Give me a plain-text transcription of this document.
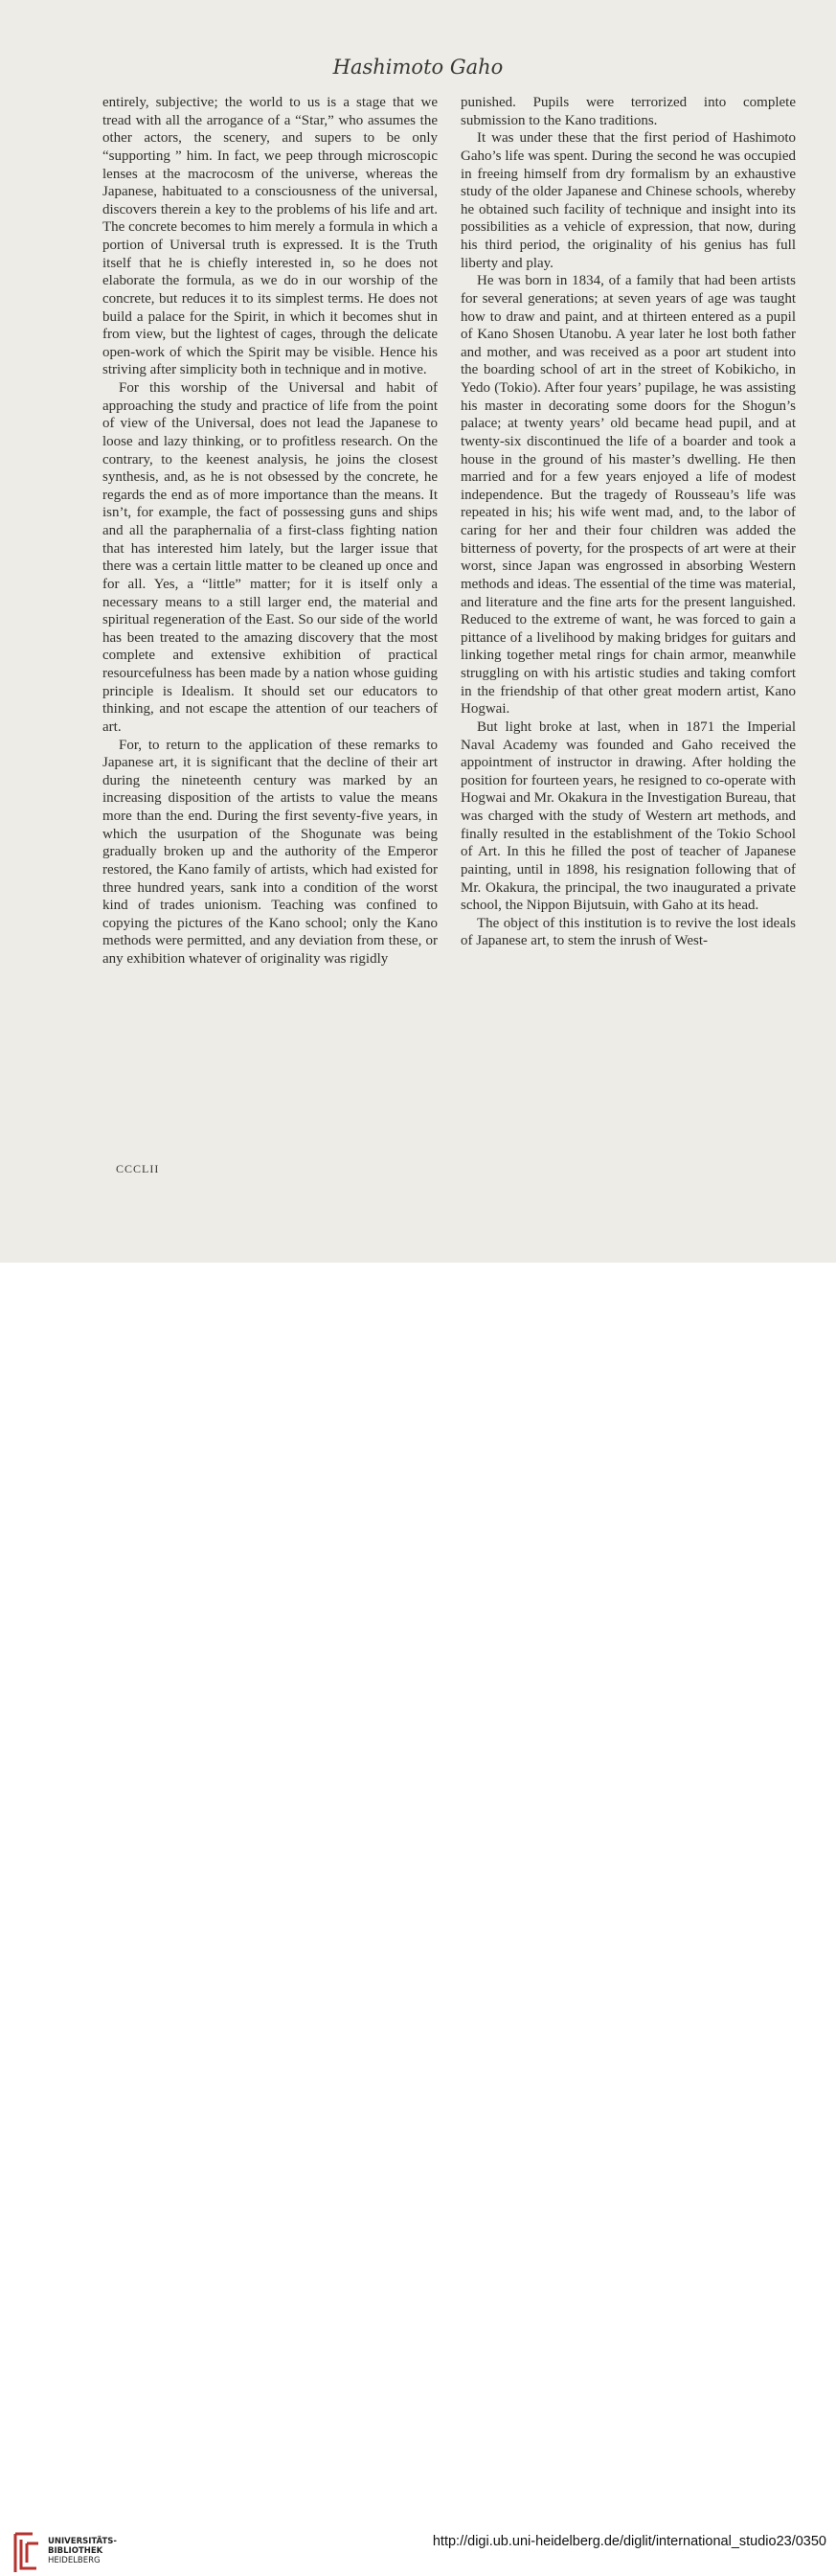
Hashimoto Gaho

entirely, subjective; the world to us is a stage that we tread with all the arrogance of a “Star,” who assumes the other actors, the scenery, and supers to be only “supporting ” him. In fact, we peep through microscopic lenses at the macrocosm of the universe, whereas the Japanese, habituated to a consciousness of the universal, discovers therein a key to the problems of his life and art. The concrete becomes to him merely a formula in which a portion of Universal truth is expressed. It is the Truth itself that he is chiefly interested in, so he does not elaborate the formula, as we do in our worship of the concrete, but reduces it to its simplest terms. He does not build a palace for the Spirit, in which it becomes shut in from view, but the lightest of cages, through the delicate open-work of which the Spirit may be visible. Hence his striving after simplicity both in technique and in motive.

For this worship of the Universal and habit of approaching the study and practice of life from the point of view of the Universal, does not lead the Japanese to loose and lazy thinking, or to profitless research. On the contrary, to the keenest analysis, he joins the closest synthesis, and, as he is not obsessed by the concrete, he regards the end as of more importance than the means. It isn’t, for example, the fact of possessing guns and ships and all the paraphernalia of a first-class fighting nation that has interested him lately, but the larger issue that there was a certain little matter to be cleaned up once and for all. Yes, a “little” matter; for it is itself only a necessary means to a still larger end, the material and spiritual regeneration of the East. So our side of the world has been treated to the amazing discovery that the most complete and extensive exhibition of practical resourcefulness has been made by a nation whose guiding principle is Idealism. It should set our educators to thinking, and not escape the attention of our teachers of art.

For, to return to the application of these remarks to Japanese art, it is significant that the decline of their art during the nineteenth century was marked by an increasing disposition of the artists to value the means more than the end. During the first seventy-five years, in which the usurpation of the Shogunate was being gradually broken up and the authority of the Emperor restored, the Kano family of artists, which had existed for three hundred years, sank into a condition of the worst kind of trades unionism. Teaching was confined to copying the pictures of the Kano school; only the Kano methods were permitted, and any deviation from these, or any exhibition whatever of originality was rigidly

punished. Pupils were terrorized into complete submission to the Kano traditions.

It was under these that the first period of Hashimoto Gaho’s life was spent. During the second he was occupied in freeing himself from dry formalism by an exhaustive study of the older Japanese and Chinese schools, whereby he obtained such facility of technique and insight into its possibilities as a vehicle of expression, that now, during his third period, the originality of his genius has full liberty and play.

He was born in 1834, of a family that had been artists for several generations; at seven years of age was taught how to draw and paint, and at thirteen entered as a pupil of Kano Shosen Utanobu. A year later he lost both father and mother, and was received as a poor art student into the boarding school of art in the street of Kobikicho, in Yedo (Tokio). After four years’ pupilage, he was assisting his master in decorating some doors for the Shogun’s palace; at twenty years’ old became head pupil, and at twenty-six discontinued the life of a boarder and took a house in the ground of his master’s dwelling. He then married and for a few years enjoyed a life of modest independence. But the tragedy of Rousseau’s life was repeated in his; his wife went mad, and, to the labor of caring for her and their four children was added the bitterness of poverty, for the prospects of art were at their worst, since Japan was engrossed in absorbing Western methods and ideas. The essential of the time was material, and literature and the fine arts for the present languished. Reduced to the extreme of want, he was forced to gain a pittance of a livelihood by making bridges for guitars and linking together metal rings for chain armor, meanwhile struggling on with his artistic studies and taking comfort in the friendship of that other great modern artist, Kano Hogwai.

But light broke at last, when in 1871 the Imperial Naval Academy was founded and Gaho received the appointment of instructor in drawing. After holding the position for fourteen years, he resigned to co-operate with Hogwai and Mr. Okakura in the Investigation Bureau, that was charged with the study of Western art methods, and finally resulted in the establishment of the Tokio School of Art. In this he filled the post of teacher of Japanese painting, until in 1898, his resignation following that of Mr. Okakura, the principal, the two inaugurated a private school, the Nippon Bijutsuin, with Gaho at its head.

The object of this institution is to revive the lost ideals of Japanese art, to stem the inrush of West-

CCCLII
UNIVERSITÄTS-
BIBLIOTHEK
HEIDELBERG
http://digi.ub.uni-heidelberg.de/diglit/international_studio23/0350
